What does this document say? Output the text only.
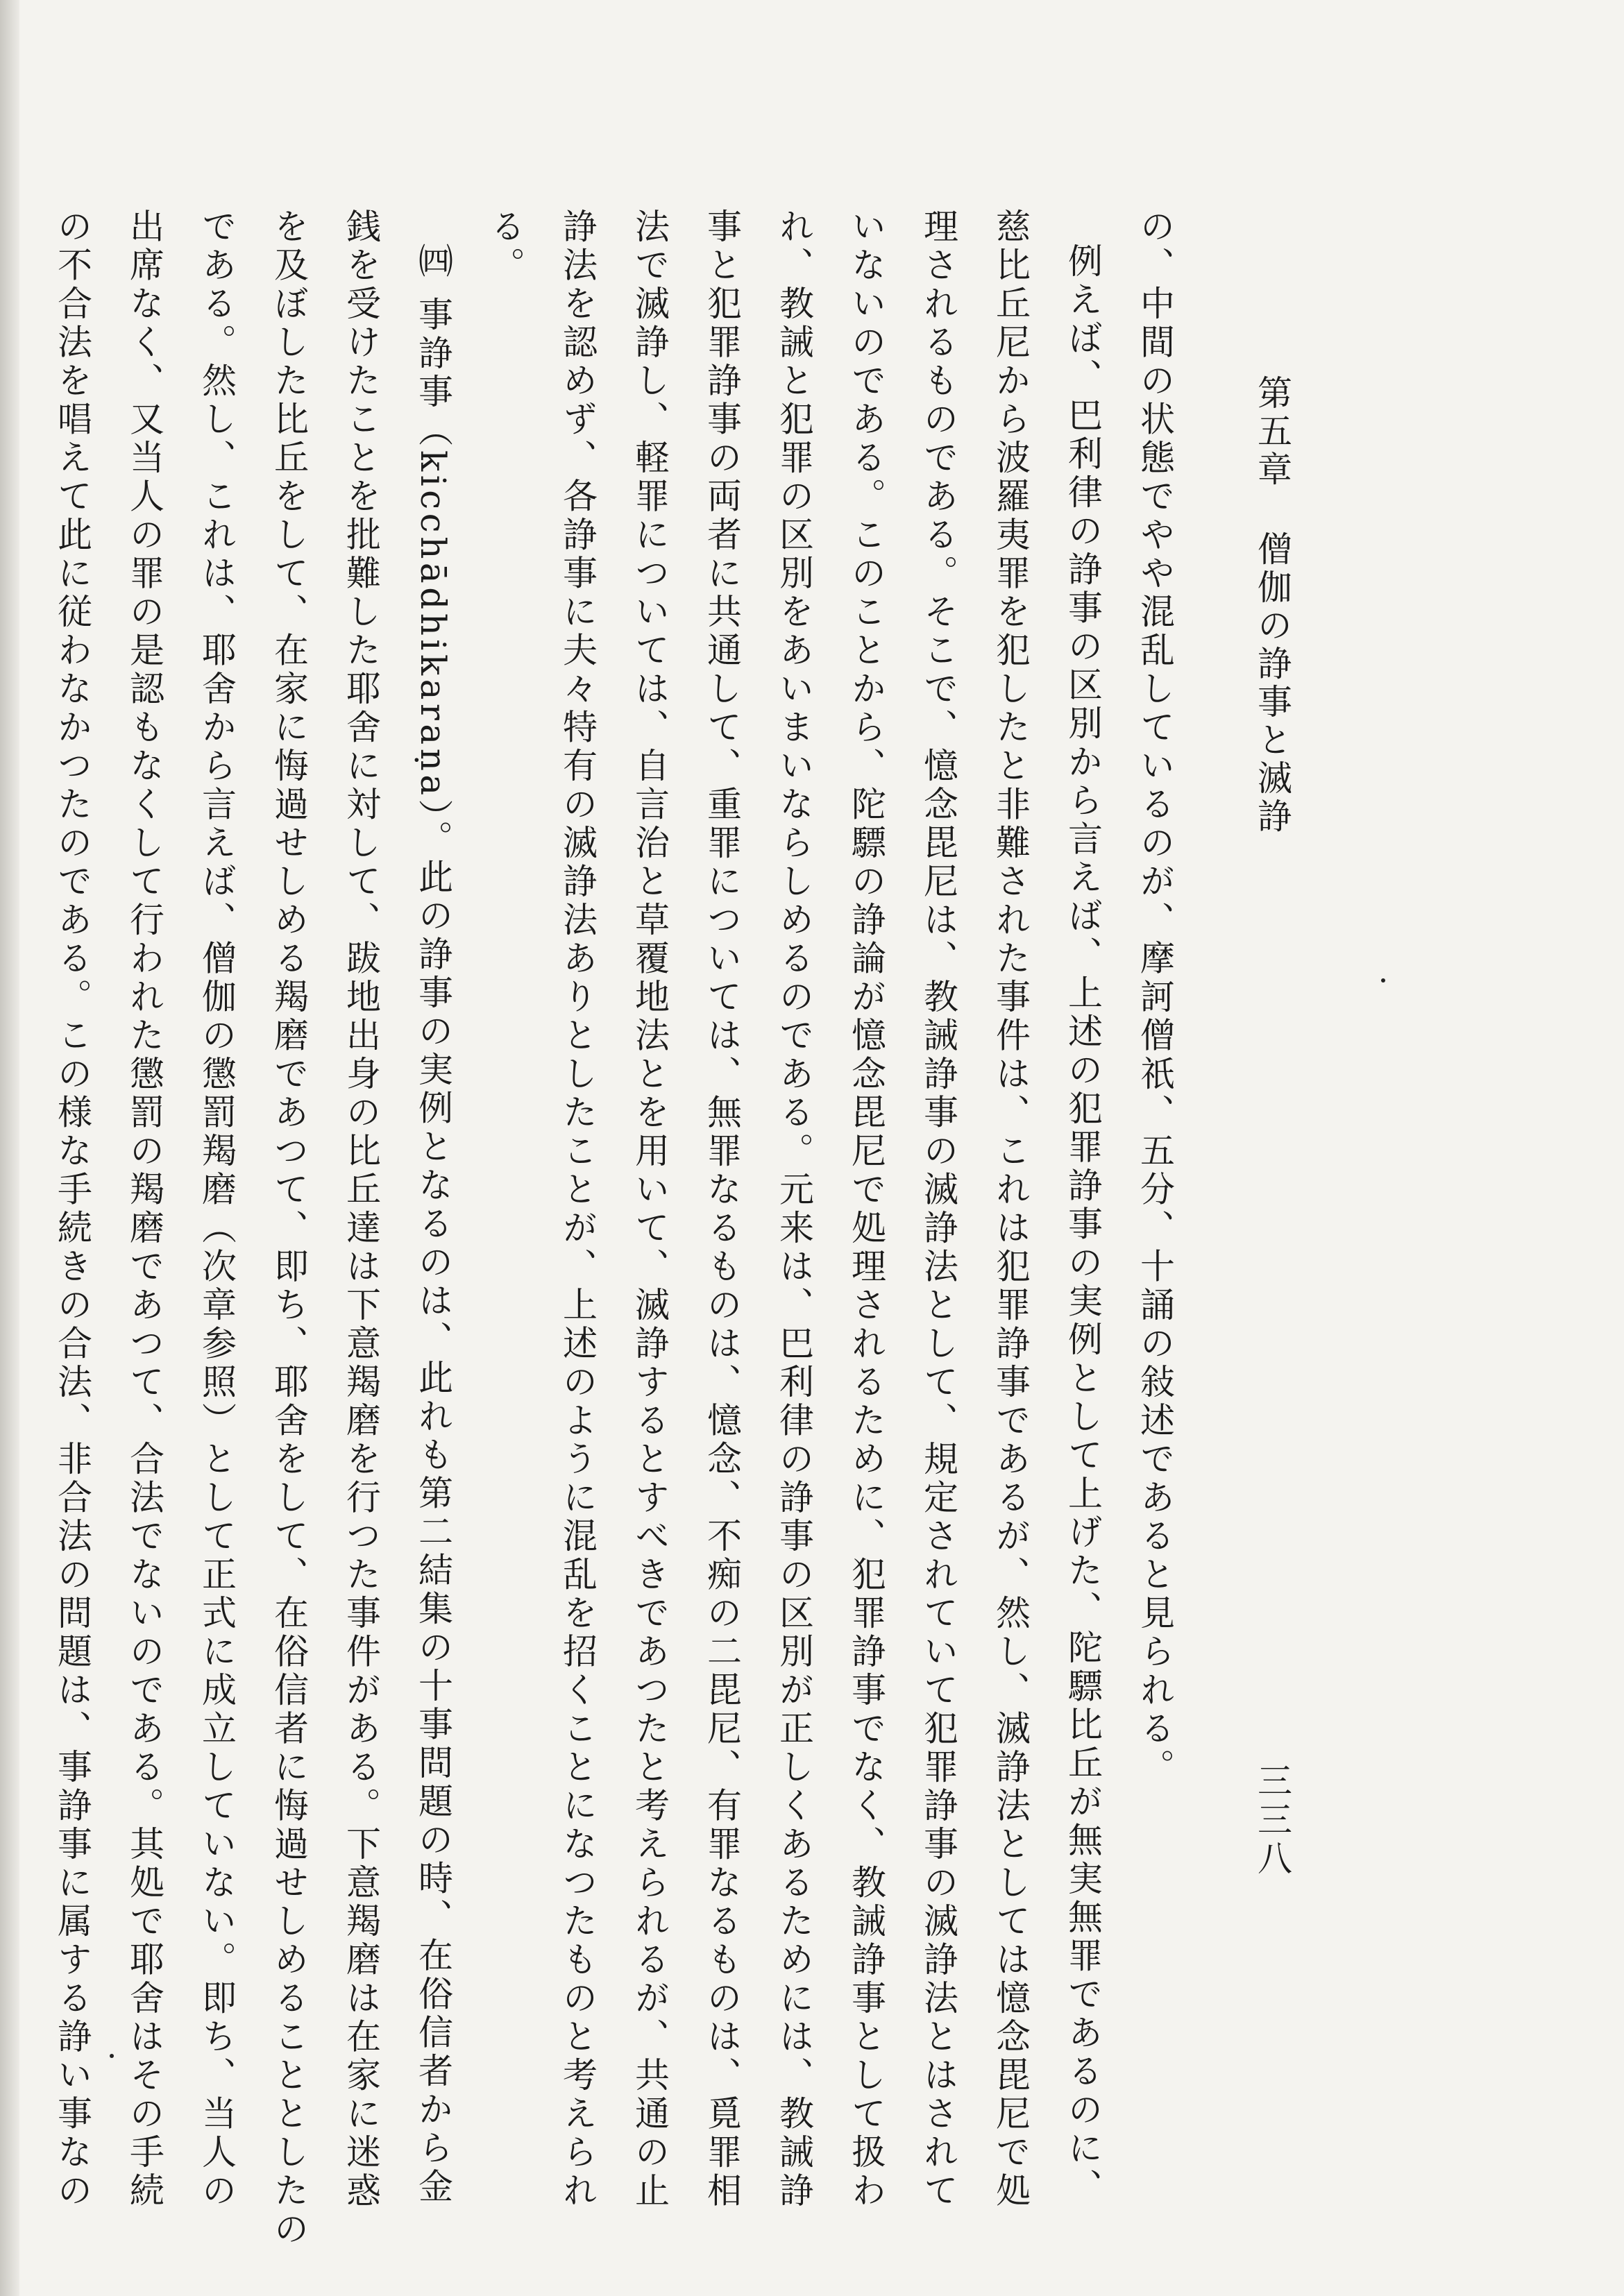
第五章僧伽の諍事と滅諍
三三八

の、中間の状態でやや混乱しているのが、摩訶僧祇、五分、十誦の敍述であると見られる。

例えば、巴利律の諍事の区別から言えば、上述の犯罪諍事の実例として上げた、陀驃比丘が無実無罪であるのに、

慈比丘尼から波羅夷罪を犯したと非難された事件は、これは犯罪諍事であるが、然し、滅諍法としては憶念毘尼で処

理されるものである。そこで、憶念毘尼は、教誡諍事の滅諍法として、規定されていて犯罪諍事の滅諍法とはされて

いないのである。このことから、陀驃の諍論が憶念毘尼で処理されるために、犯罪諍事でなく、教誡諍事として扱わ

れ、教誡と犯罪の区別をあいまいならしめるのである。元来は、巴利律の諍事の区別が正しくあるためには、教誡諍

事と犯罪諍事の両者に共通して、重罪については、無罪なるものは、憶念、不痴の二毘尼、有罪なるものは、覓罪相

法で滅諍し、軽罪については、自言治と草覆地法とを用いて、滅諍するとすべきであつたと考えられるが、共通の止

諍法を認めず、各諍事に夫々特有の滅諍法ありとしたことが、上述のように混乱を招くことになつたものと考えられ

る。

㈣ 事諍事（kicchādhikaraṇa）。此の諍事の実例となるのは、此れも第二結集の十事問題の時、在俗信者から金

銭を受けたことを批難した耶舍に対して、跋地出身の比丘達は下意羯磨を行つた事件がある。下意羯磨は在家に迷惑

を及ぼした比丘をして、在家に悔過せしめる羯磨であつて、即ち、耶舍をして、在俗信者に悔過せしめることとしたの

である。然し、これは、耶舍から言えば、僧伽の懲罰羯磨（次章参照）として正式に成立していない。即ち、当人の

出席なく、又当人の罪の是認もなくして行われた懲罰の羯磨であつて、合法でないのである。其処で耶舍はその手続

の不合法を唱えて此に従わなかつたのである。この様な手続きの合法、非合法の問題は、事諍事に属する諍い事なの
